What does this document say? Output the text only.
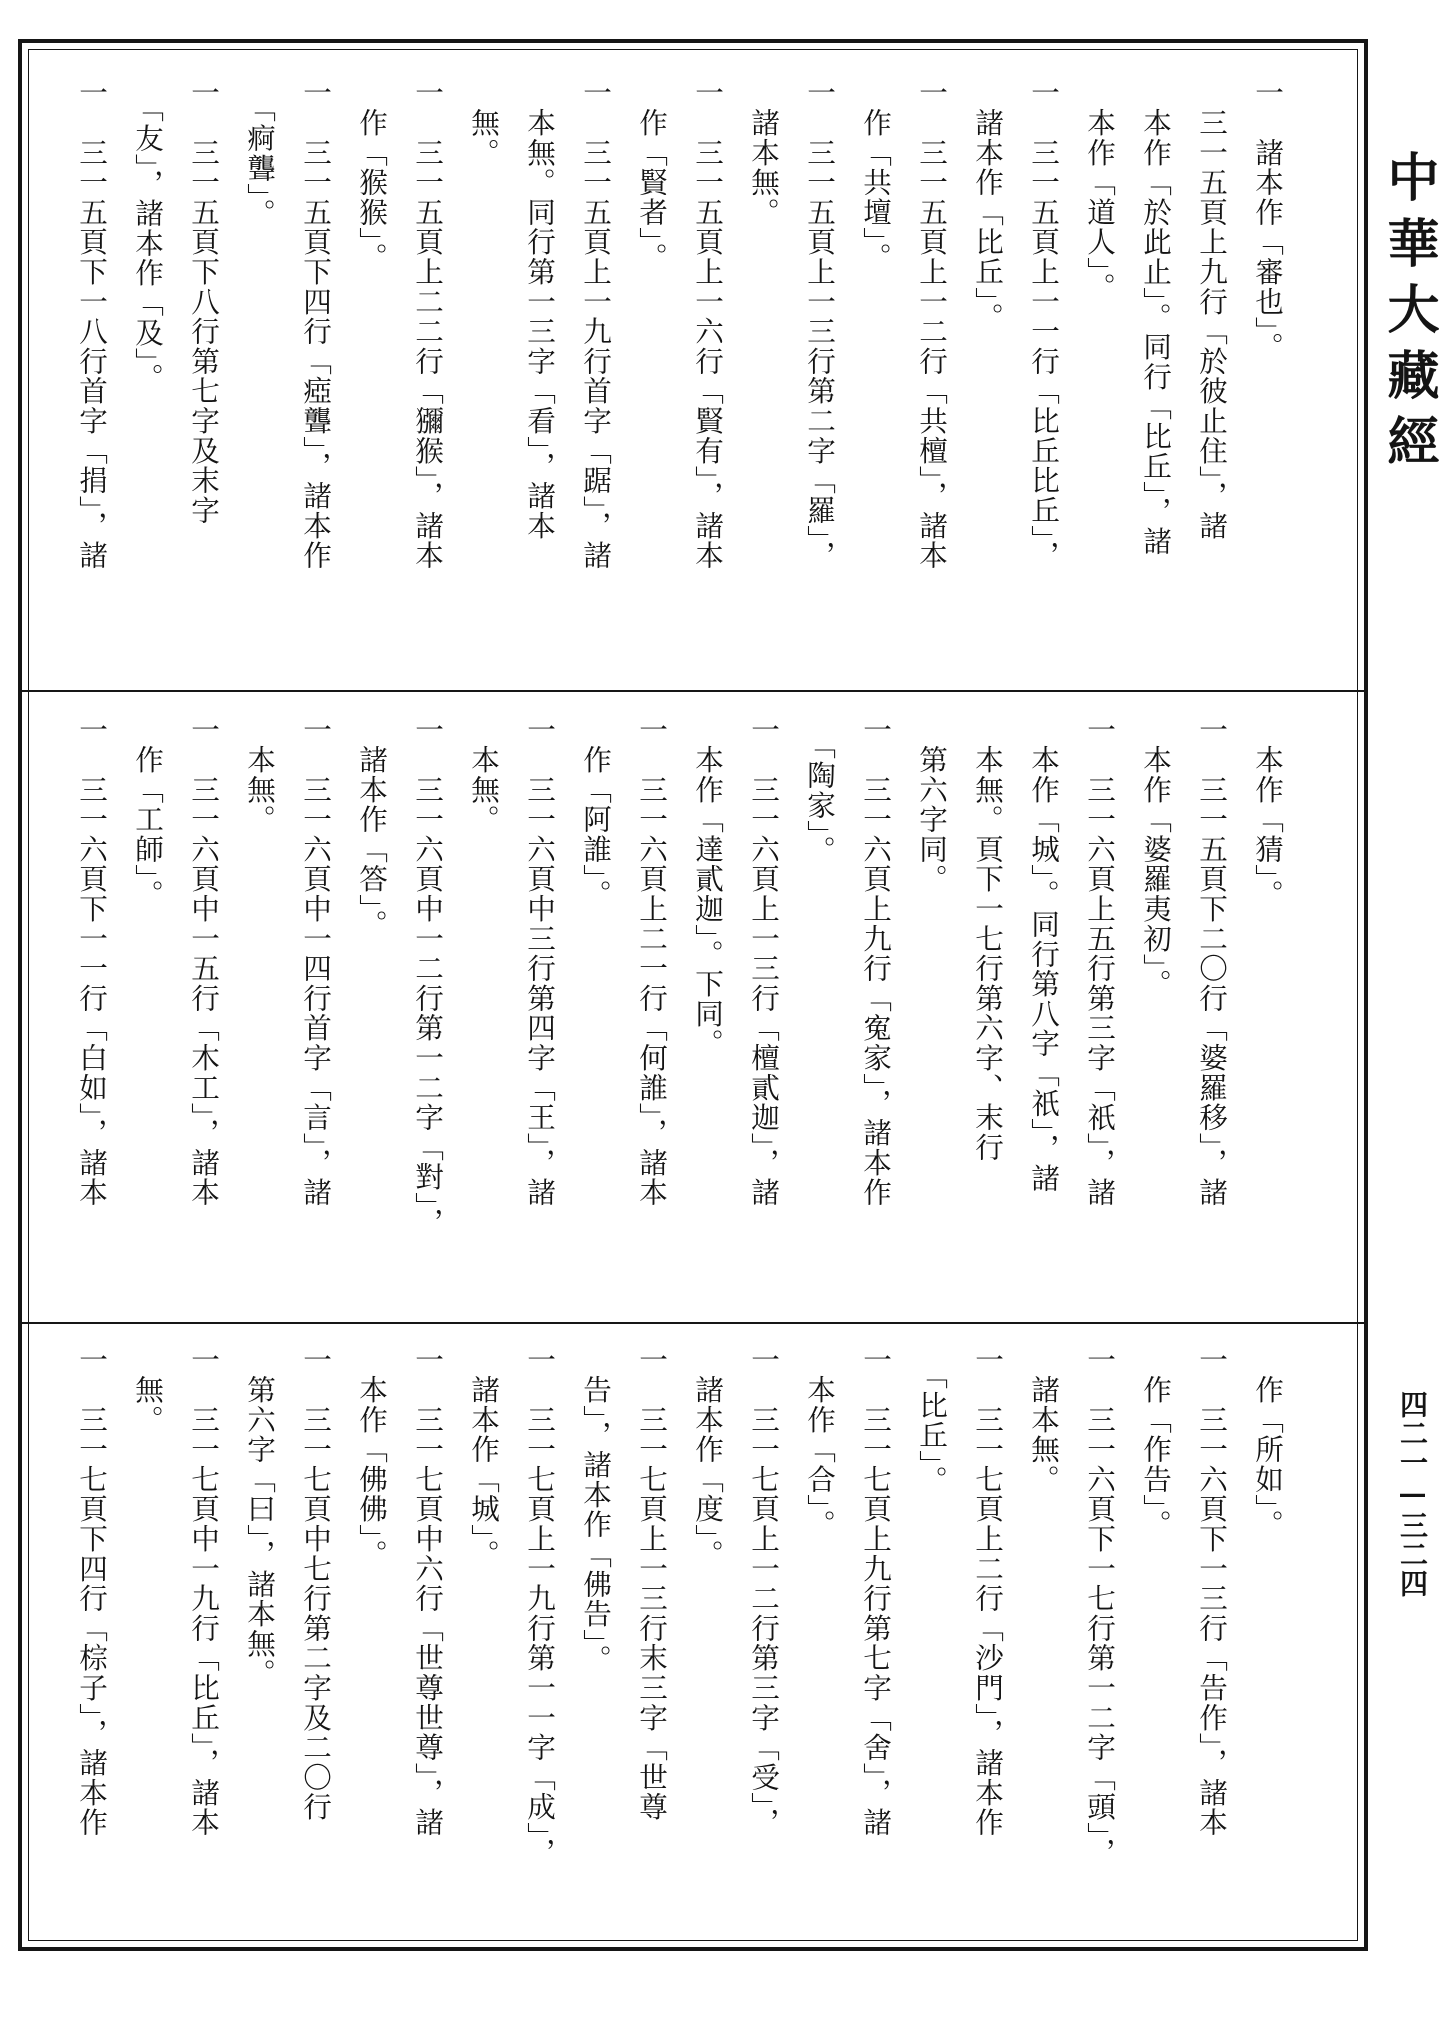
中華大藏經
四二一—三二四
一　諸本作「審也」。
　三一五頁上九行「於彼止住」，諸
　本作「於此止」。同行「比丘」，諸
　本作「道人」。
一　三一五頁上一一行「比丘比丘」，
　諸本作「比丘」。
一　三一五頁上一二行「共檀」，諸本
　作「共壇」。
一　三一五頁上一三行第二字「羅」，
　諸本無。
一　三一五頁上一六行「賢有」，諸本
　作「賢者」。
一　三一五頁上一九行首字「踞」，諸
　本無。同行第一三字「看」，諸本
　無。
一　三一五頁上二二行「獼猴」，諸本
　作「猴猴」。
一　三一五頁下四行「瘂聾」，諸本作
　「痾聾」。
一　三一五頁下八行第七字及末字
　「友」，諸本作「及」。
一　三一五頁下一八行首字「捐」，諸
　本作「猜」。
一　三一五頁下二〇行「婆羅移」，諸
　本作「婆羅夷初」。
一　三一六頁上五行第三字「祇」，諸
　本作「城」。同行第八字「祇」，諸
　本無。頁下一七行第六字、末行
　第六字同。
一　三一六頁上九行「寃家」，諸本作
　「陶家」。
一　三一六頁上一三行「檀貳迦」，諸
　本作「達貳迦」。下同。
一　三一六頁上二一行「何誰」，諸本
　作「阿誰」。
一　三一六頁中三行第四字「王」，諸
　本無。
一　三一六頁中一二行第一二字「對」，
　諸本作「答」。
一　三一六頁中一四行首字「言」，諸
　本無。
一　三一六頁中一五行「木工」，諸本
　作「工師」。
一　三一六頁下一一行「白如」，諸本
　作「所如」。
一　三一六頁下一三行「告作」，諸本
　作「作告」。
一　三一六頁下一七行第一二字「頭」，
　諸本無。
一　三一七頁上二行「沙門」，諸本作
　「比丘」。
一　三一七頁上九行第七字「舍」，諸
　本作「合」。
一　三一七頁上一二行第三字「受」，
　諸本作「度」。
一　三一七頁上一三行末三字「世尊
　告」，諸本作「佛告」。
一　三一七頁上一九行第一一字「成」，
　諸本作「城」。
一　三一七頁中六行「世尊世尊」，諸
　本作「佛佛」。
一　三一七頁中七行第二字及二〇行
　第六字「曰」，諸本無。
一　三一七頁中一九行「比丘」，諸本
　無。
一　三一七頁下四行「棕子」，諸本作
